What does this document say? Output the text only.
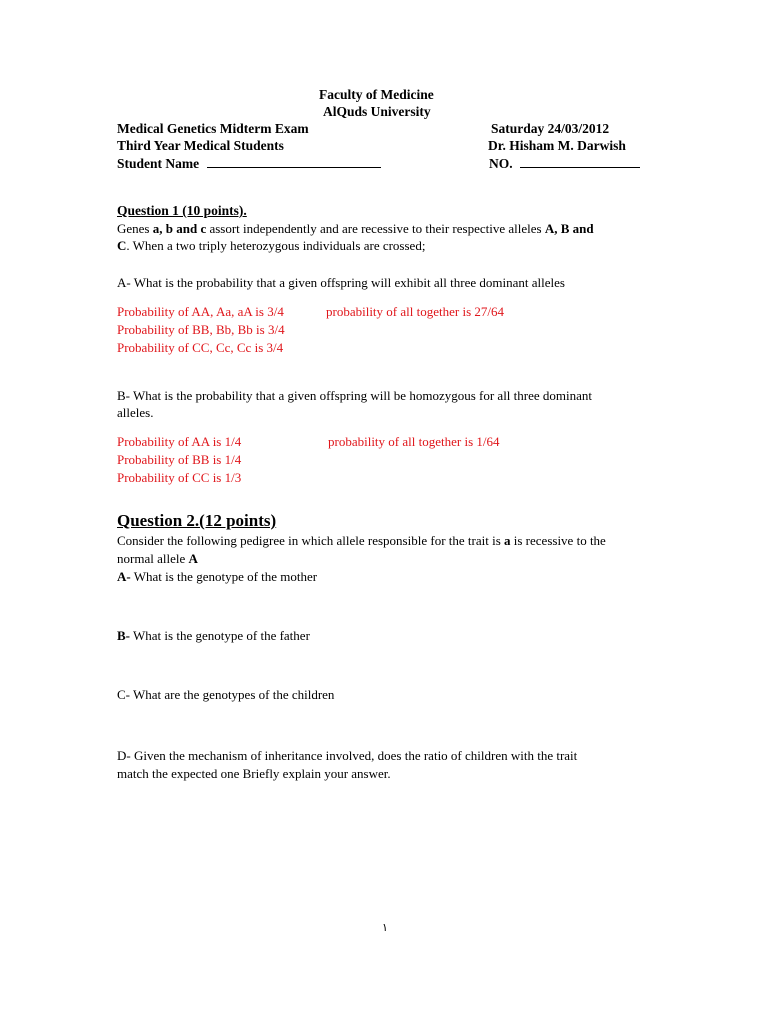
Faculty of Medicine
AlQuds University
Medical Genetics Midterm Exam	Saturday 24/03/2012
Third Year Medical Students	Dr. Hisham M. Darwish
Student Name	NO.
Question 1 (10 points).
Genes a, b and c assort independently and are recessive to their respective alleles A, B and
C. When a two triply heterozygous individuals are crossed;
A- What is the probability that a given offspring will exhibit all three dominant alleles
Probability of AA, Aa, aA is 3/4	probability of all together is 27/64
Probability of BB, Bb, Bb is 3/4
Probability of CC, Cc, Cc is 3/4
B- What is the probability that a given offspring will be homozygous for all three dominant
alleles.
Probability of AA is 1/4	probability of all together is 1/64
Probability of BB is 1/4
Probability of CC is 1/3
Question 2.(12 points)
Consider the following pedigree in which allele responsible for the trait is a is recessive to the
normal allele A
A- What is the genotype of the mother
B- What is the genotype of the father
C- What are the genotypes of the children
D- Given the mechanism of inheritance involved, does the ratio of children with the trait
match the expected one Briefly explain your answer.
١
